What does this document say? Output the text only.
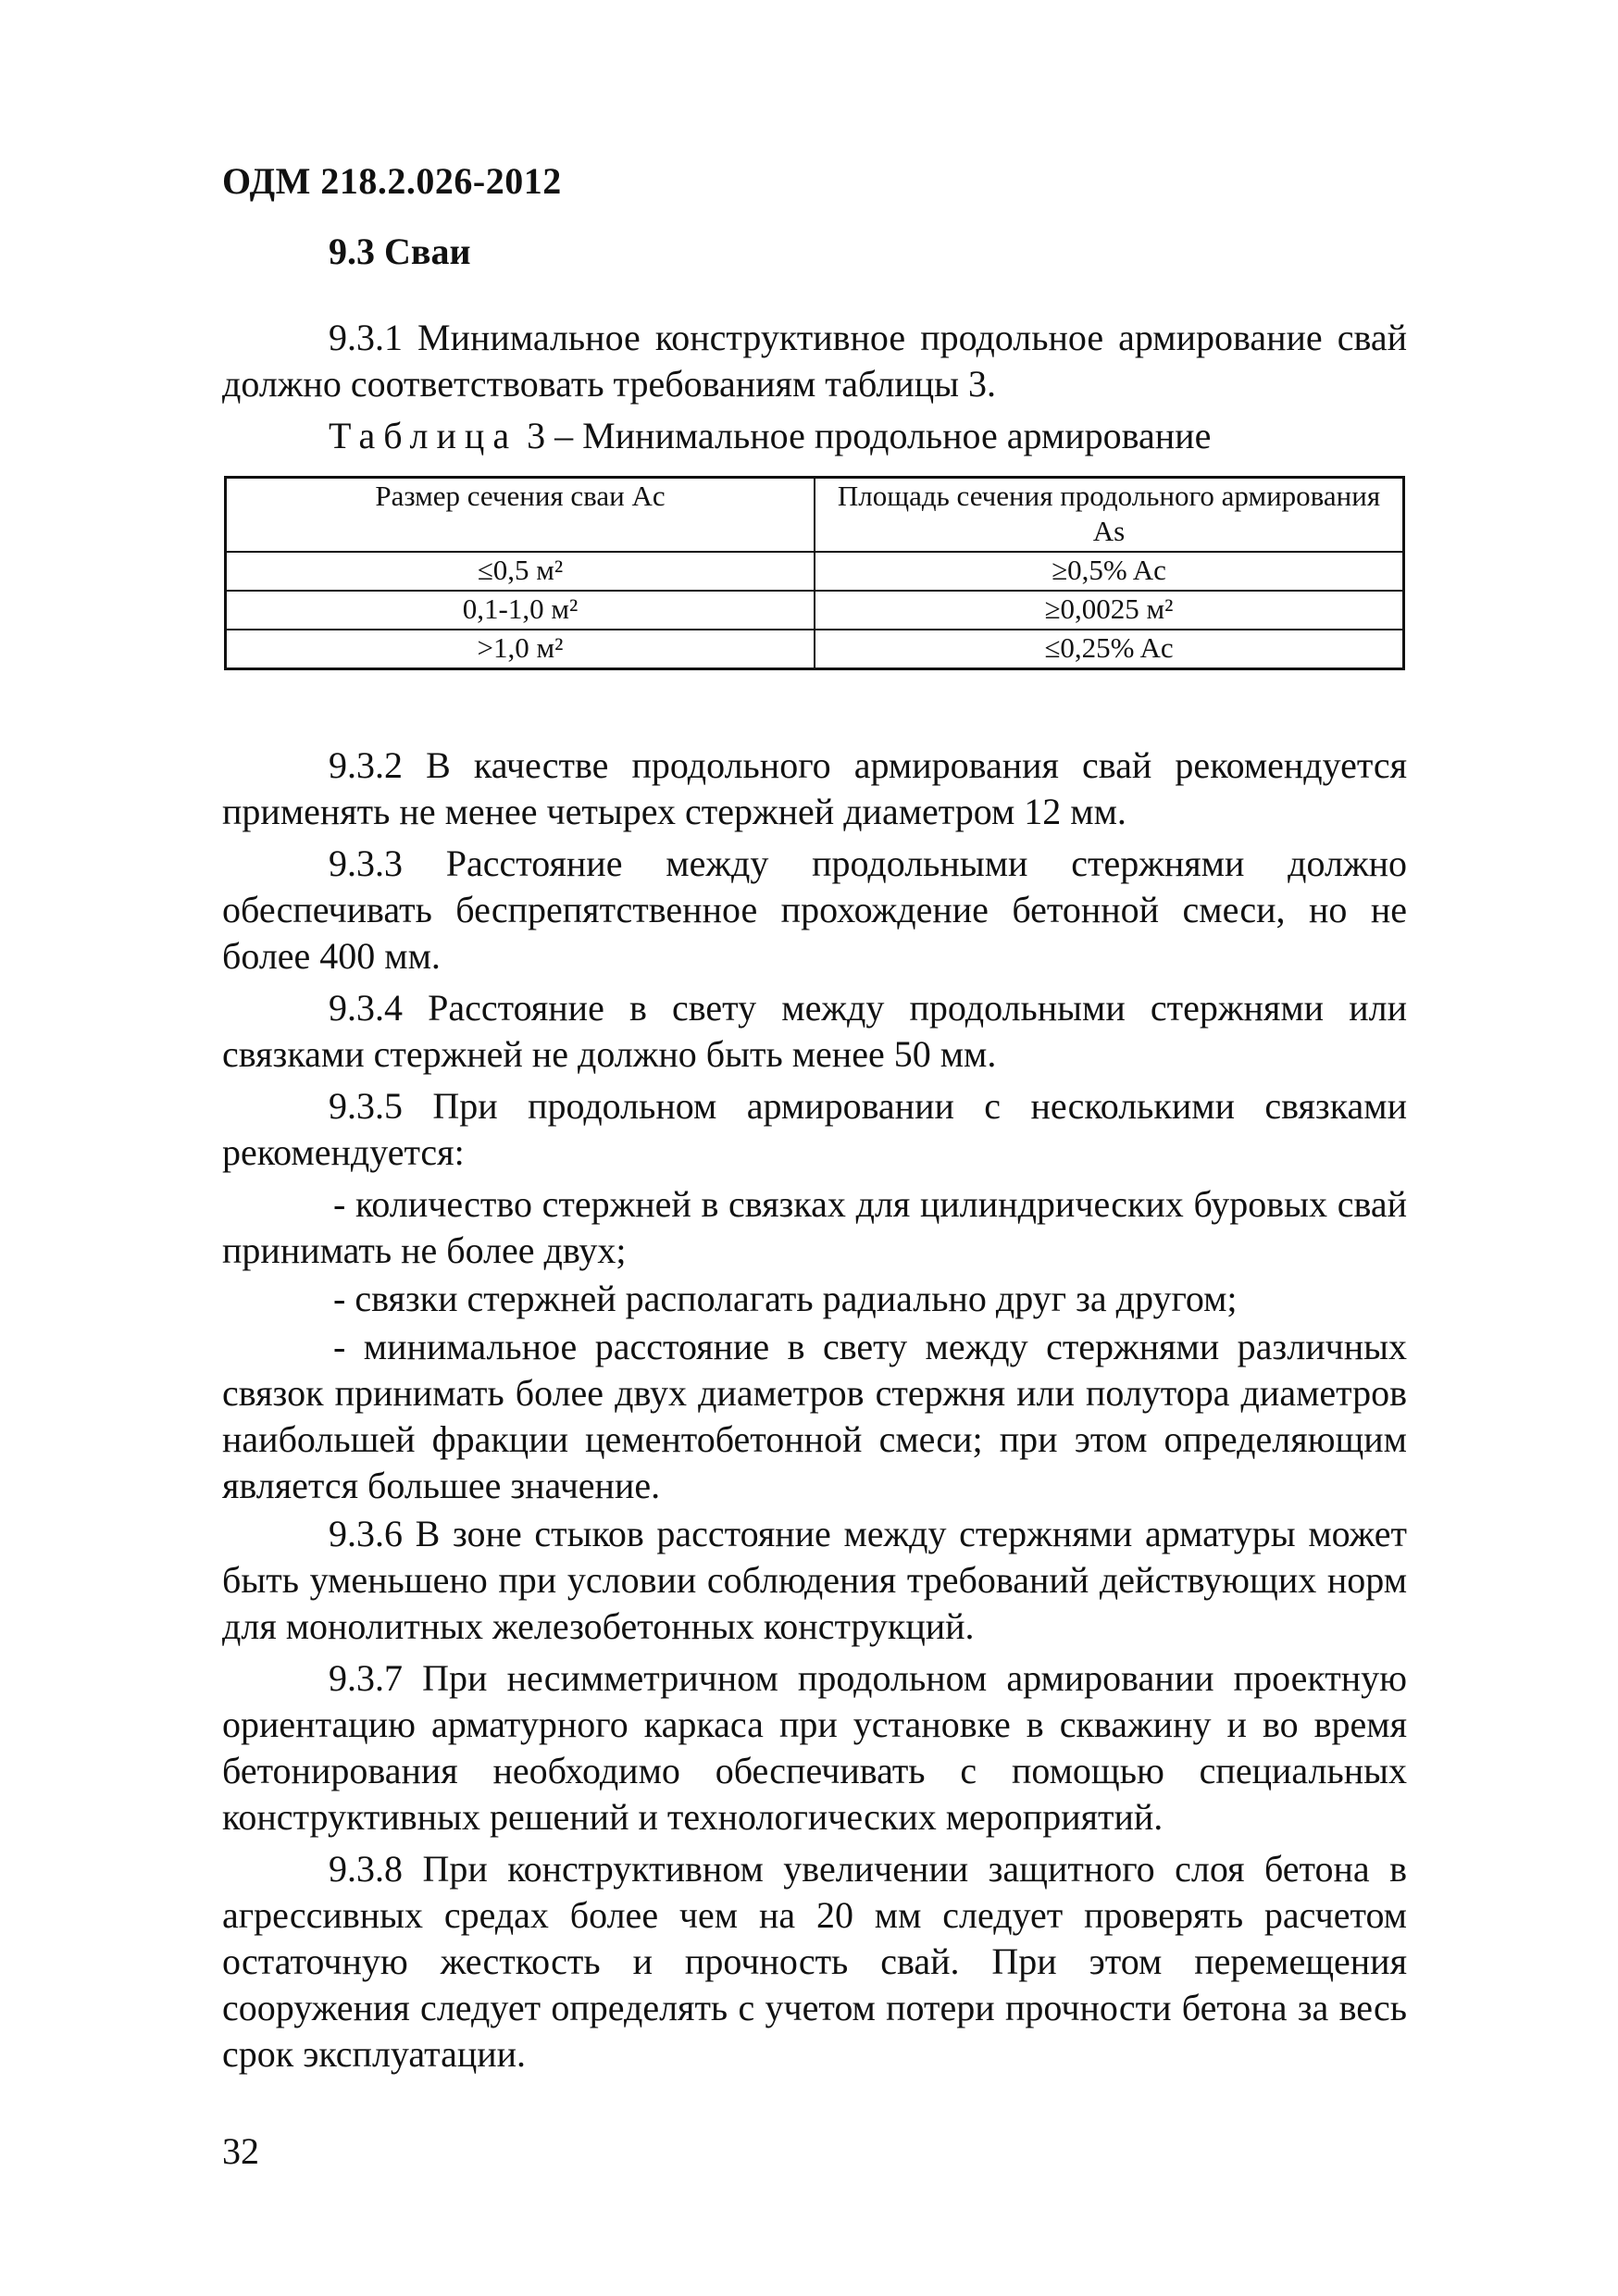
ОДМ 218.2.026-2012
9.3 Сваи

9.3.1 Минимальное конструктивное продольное армирование свай должно соответствовать требованиям таблицы 3.

Таблица 3 – Минимальное продольное армирование
Размер сечения сваи Ac	Площадь сечения продольного армирования As
≤0,5 м²	≥0,5% Ac
0,1-1,0 м²	≥0,0025 м²
>1,0 м²	≤0,25% Ac

9.3.2 В качестве продольного армирования свай рекомендуется применять не менее четырех стержней диаметром 12 мм.

9.3.3 Расстояние между продольными стержнями должно обеспечивать беспрепятственное прохождение бетонной смеси, но не более 400 мм.

9.3.4 Расстояние в свету между продольными стержнями или связками стержней не должно быть менее 50 мм.

9.3.5 При продольном армировании с несколькими связками рекомендуется:

- количество стержней в связках для цилиндрических буровых свай принимать не более двух;

- связки стержней располагать радиально друг за другом;

- минимальное расстояние в свету между стержнями различных связок принимать более двух диаметров стержня или полутора диаметров наибольшей фракции цементобетонной смеси; при этом определяющим является большее значение.

9.3.6 В зоне стыков расстояние между стержнями арматуры может быть уменьшено при условии соблюдения требований действующих норм для монолитных железобетонных конструкций.

9.3.7 При несимметричном продольном армировании проектную ориентацию арматурного каркаса при установке в скважину и во время бетонирования необходимо обеспечивать с помощью специальных конструктивных решений и технологических мероприятий.

9.3.8 При конструктивном увеличении защитного слоя бетона в агрессивных средах более чем на 20 мм следует проверять расчетом остаточную жесткость и прочность свай. При этом перемещения сооружения следует определять с учетом потери прочности бетона за весь срок эксплуатации.

32
